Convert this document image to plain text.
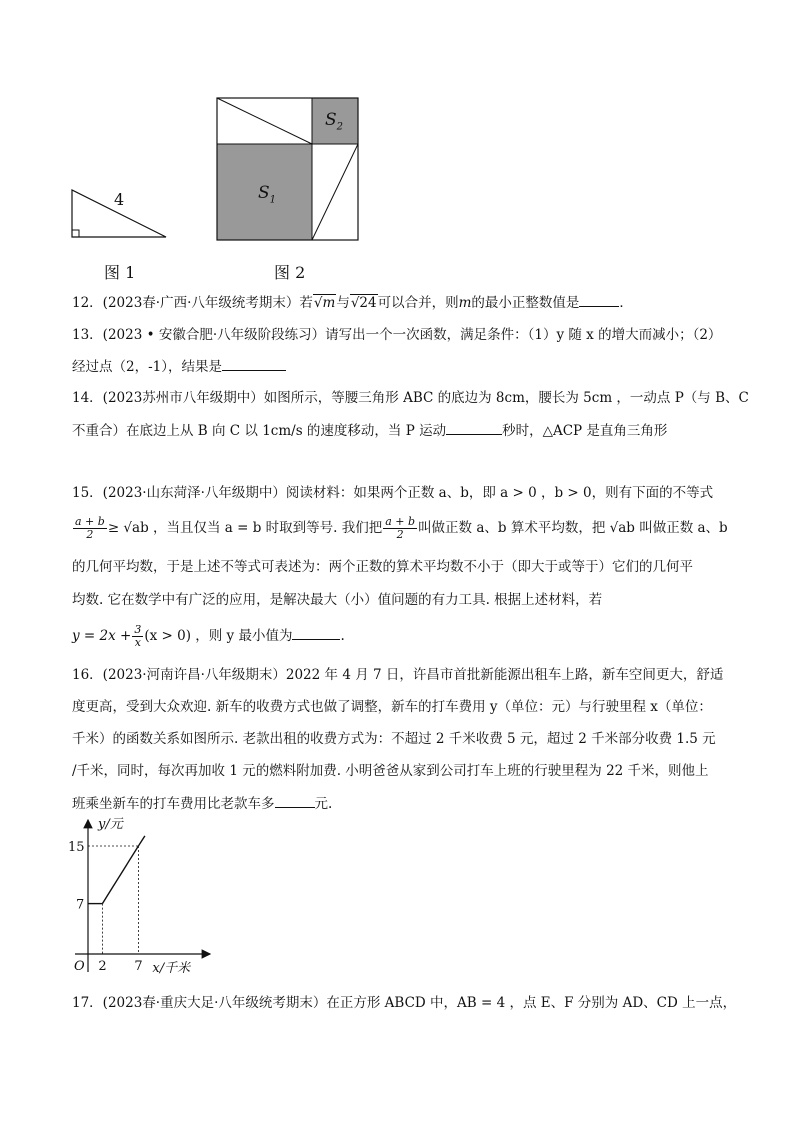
4
图 1
$S_2$
$S_1$
图 2
12．(2023春·广西·八年级统考期末）若√m与√24可以合并，则m的最小正整数值是	．
13．(2023 • 安徽合肥·八年级阶段练习）请写出一个一次函数，满足条件：（1）y 随 x 的增大而减小；（2）
经过点（2，-1），结果是
14．(2023苏州市八年级期中）如图所示，等腰三角形 ABC 的底边为 8cm，腰长为 5cm ，一动点 P（与 B、C
不重合）在底边上从 B 向 C 以 1cm/s 的速度移动，当 P 运动	秒时，△ACP 是直角三角形
15．(2023·山东菏泽·八年级期中）阅读材料：如果两个正数 a、b，即 a > 0 ，b > 0，则有下面的不等式
$\frac{a + b}{2} \ge √ab$ ，当且仅当 a = b 时取到等号. 我们把 $\frac{a + b}{2}$ 叫做正数 a、b 算术平均数，把 √ab 叫做正数 a、b
的几何平均数，于是上述不等式可表述为：两个正数的算术平均数不小于（即大于或等于）它们的几何平
均数. 它在数学中有广泛的应用，是解决最大（小）值问题的有力工具. 根据上述材料，若
$y = 2x + \frac{3}{x} (x > 0)$ ，则 y 最小值为	.
16．(2023·河南许昌·八年级期末）2022 年 4 月 7 日，许昌市首批新能源出租车上路，新车空间更大，舒适
度更高，受到大众欢迎. 新车的收费方式也做了调整，新车的打车费用 y（单位：元）与行驶里程 x（单位：
千米）的函数关系如图所示. 老款出租的收费方式为：不超过 2 千米收费 5 元，超过 2 千米部分收费 1.5 元
/千米，同时，每次再加收 1 元的燃料附加费. 小明爸爸从家到公司打车上班的行驶里程为 22 千米，则他上
班乘坐新车的打车费用比老款车多	元.
2 7
7
15
O
y/元
x/千米
17．(2023春·重庆大足·八年级统考期末）在正方形 ABCD 中，AB = 4 ，点 E、F 分别为 AD、CD 上一点，
